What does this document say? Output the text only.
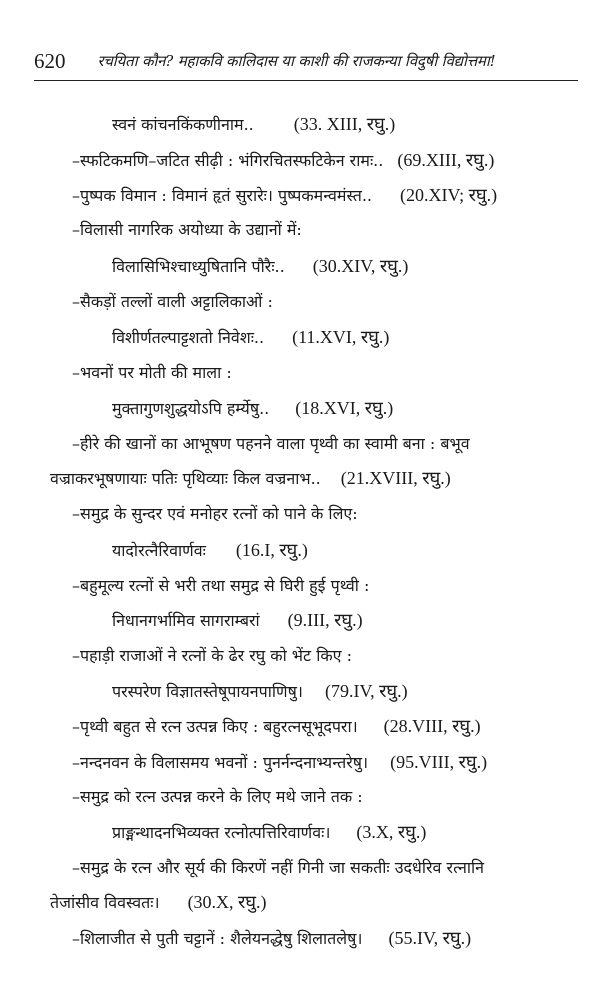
620 रचयिता कौन? महाकवि कालिदास या काशी की राजकन्या विदुषी विद्योत्तमा!
स्वनं कांचनकिंकणीनाम.. (33. XIII, रघु.)
–स्फटिकमणि–जटित सीढ़ी : भंगिरचितस्फटिकेन रामः.. (69.XIII, रघु.)
–पुष्पक विमान : विमानं हृतं सुरारेः। पुष्पकमन्वमंस्त.. (20.XIV; रघु.)
–विलासी नागरिक अयोध्या के उद्यानों में:
विलासिभिश्चाध्युषितानि पौरैः.. (30.XIV, रघु.)
–सैकड़ों तल्लों वाली अट्टालिकाओं :
विशीर्णतल्पाट्टशतो निवेशः.. (11.XVI, रघु.)
–भवनों पर मोती की माला :
मुक्तागुणशुद्धयोऽपि हर्म्येषु.. (18.XVI, रघु.)
–हीरे की खानों का आभूषण पहनने वाला पृथ्वी का स्वामी बना : बभूव
वज्राकरभूषणायाः पतिः पृथिव्याः किल वज्रनाभ.. (21.XVIII, रघु.)
–समुद्र के सुन्दर एवं मनोहर रत्नों को पाने के लिए:
यादोरत्नैरिवार्णवः (16.I, रघु.)
–बहुमूल्य रत्नों से भरी तथा समुद्र से घिरी हुई पृथ्वी :
निधानगर्भामिव सागराम्बरां (9.III, रघु.)
–पहाड़ी राजाओं ने रत्नों के ढेर रघु को भेंट किए :
परस्परेण विज्ञातस्तेषूपायनपाणिषु। (79.IV, रघु.)
–पृथ्वी बहुत से रत्न उत्पन्न किए : बहुरत्नसूभूदपरा। (28.VIII, रघु.)
–नन्दनवन के विलासमय भवनों : पुनर्नन्दनाभ्यन्तरेषु। (95.VIII, रघु.)
–समुद्र को रत्न उत्पन्न करने के लिए मथे जाने तक :
प्राङ्मन्थादनभिव्यक्त रत्नोत्पत्तिरिवार्णवः। (3.X, रघु.)
–समुद्र के रत्न और सूर्य की किरणें नहीं गिनी जा सकतीः उदधेरिव रत्नानि
तेजांसीव विवस्वतः। (30.X, रघु.)
–शिलाजीत से पुती चट्टानें : शैलेयनद्धेषु शिलातलेषु। (55.IV, रघु.)
